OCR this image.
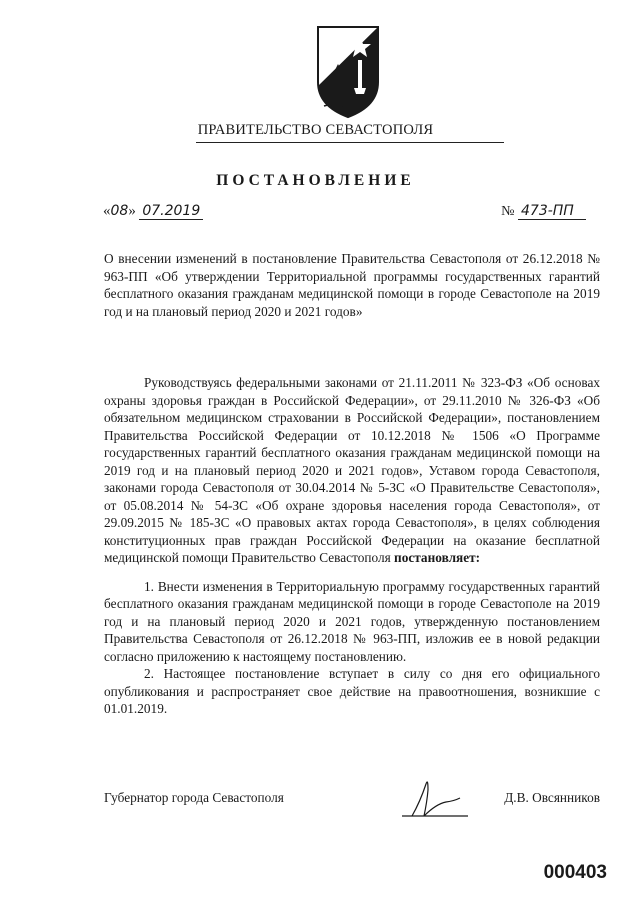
ПРАВИТЕЛЬСТВО СЕВАСТОПОЛЯ
ПОСТАНОВЛЕНИЕ
«08» 07.2019	№ 473-ПП
О внесении изменений в постановление Правительства Севастополя от 26.12.2018 № 963-ПП «Об утверждении Территориальной программы государственных гарантий бесплатного оказания гражданам медицинской помощи в городе Севастополе на 2019 год и на плановый период 2020 и 2021 годов»

Руководствуясь федеральными законами от 21.11.2011 № 323-ФЗ «Об основах охраны здоровья граждан в Российской Федерации», от 29.11.2010 № 326-ФЗ «Об обязательном медицинском страховании в Российской Федерации», постановлением Правительства Российской Федерации от 10.12.2018 № 1506 «О Программе государственных гарантий бесплатного оказания гражданам медицинской помощи на 2019 год и на плановый период 2020 и 2021 годов», Уставом города Севастополя, законами города Севастополя от 30.04.2014 № 5-ЗС «О Правительстве Севастополя», от 05.08.2014 № 54-ЗС «Об охране здоровья населения города Севастополя», от 29.09.2015 № 185-ЗС «О правовых актах города Севастополя», в целях соблюдения конституционных прав граждан Российской Федерации на оказание бесплатной медицинской помощи Правительство Севастополя постановляет:

1. Внести изменения в Территориальную программу государственных гарантий бесплатного оказания гражданам медицинской помощи в городе Севастополе на 2019 год и на плановый период 2020 и 2021 годов, утвержденную постановлением Правительства Севастополя от 26.12.2018 № 963-ПП, изложив ее в новой редакции согласно приложению к настоящему постановлению.

2. Настоящее постановление вступает в силу со дня его официального опубликования и распространяет свое действие на правоотношения, возникшие с 01.01.2019.

Губернатор города Севастополя	Д.В. Овсянников
000403
